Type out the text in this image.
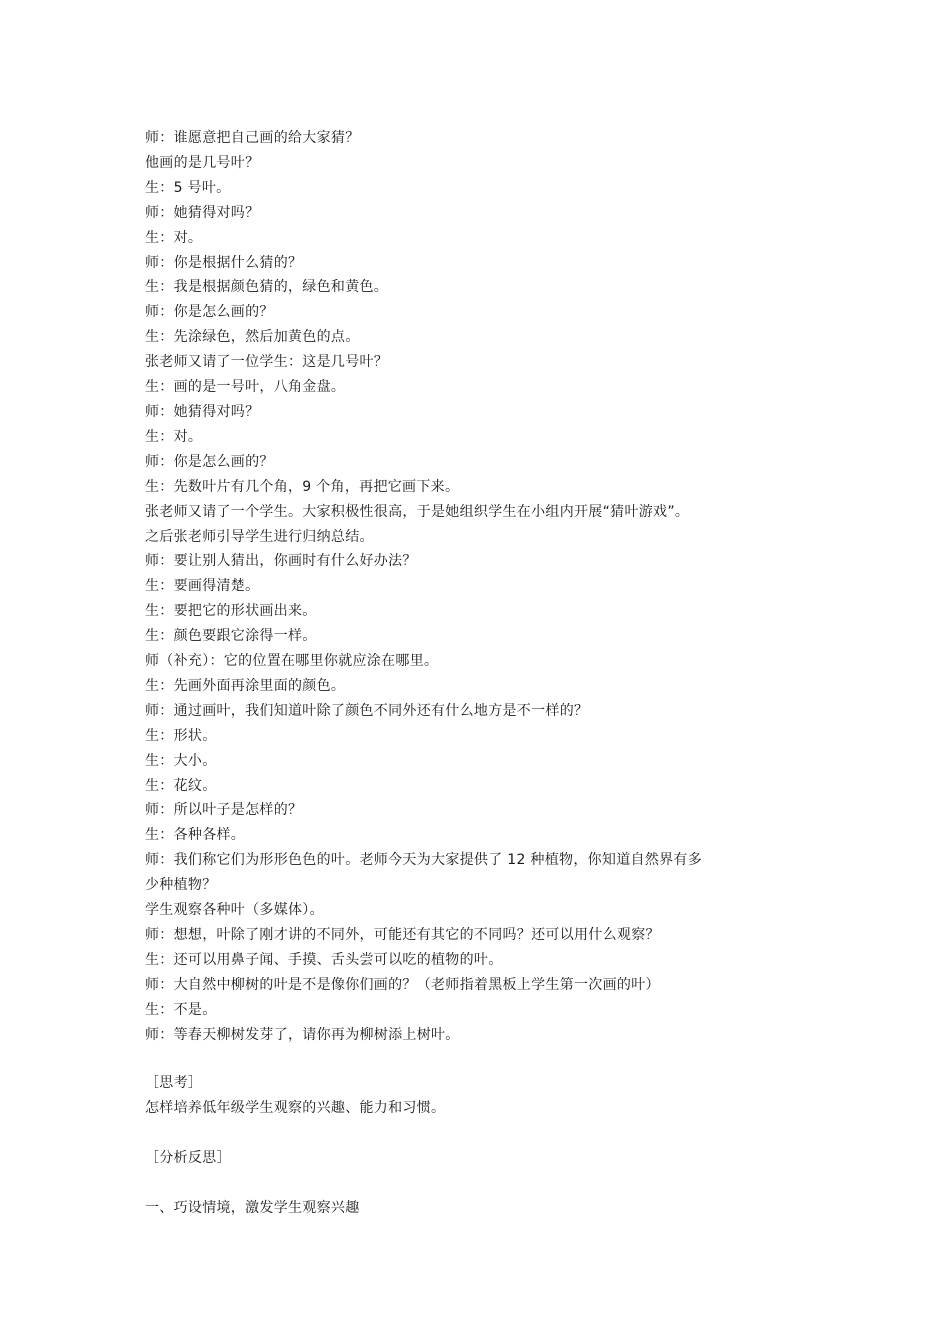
师：谁愿意把自己画的给大家猜？

他画的是几号叶？

生：5 号叶。

师：她猜得对吗？

生：对。

师：你是根据什么猜的？

生：我是根据颜色猜的，绿色和黄色。

师：你是怎么画的？

生：先涂绿色，然后加黄色的点。

张老师又请了一位学生：这是几号叶？

生：画的是一号叶，八角金盘。

师：她猜得对吗？

生：对。

师：你是怎么画的？

生：先数叶片有几个角，9 个角，再把它画下来。

张老师又请了一个学生。大家积极性很高，于是她组织学生在小组内开展“猜叶游戏”。

之后张老师引导学生进行归纳总结。

师：要让别人猜出，你画时有什么好办法？

生：要画得清楚。

生：要把它的形状画出来。

生：颜色要跟它涂得一样。

师（补充）：它的位置在哪里你就应涂在哪里。

生：先画外面再涂里面的颜色。

师：通过画叶，我们知道叶除了颜色不同外还有什么地方是不一样的？

生：形状。

生：大小。

生：花纹。

师：所以叶子是怎样的？

生：各种各样。

师：我们称它们为形形色色的叶。老师今天为大家提供了 12 种植物，你知道自然界有多

少种植物？

学生观察各种叶（多媒体）。

师：想想，叶除了刚才讲的不同外，可能还有其它的不同吗？还可以用什么观察？

生：还可以用鼻子闻、手摸、舌头尝可以吃的植物的叶。

师：大自然中柳树的叶是不是像你们画的？（老师指着黑板上学生第一次画的叶）

生：不是。

师：等春天柳树发芽了，请你再为柳树添上树叶。

［思考］

怎样培养低年级学生观察的兴趣、能力和习惯。

［分析反思］

一、巧设情境，激发学生观察兴趣
